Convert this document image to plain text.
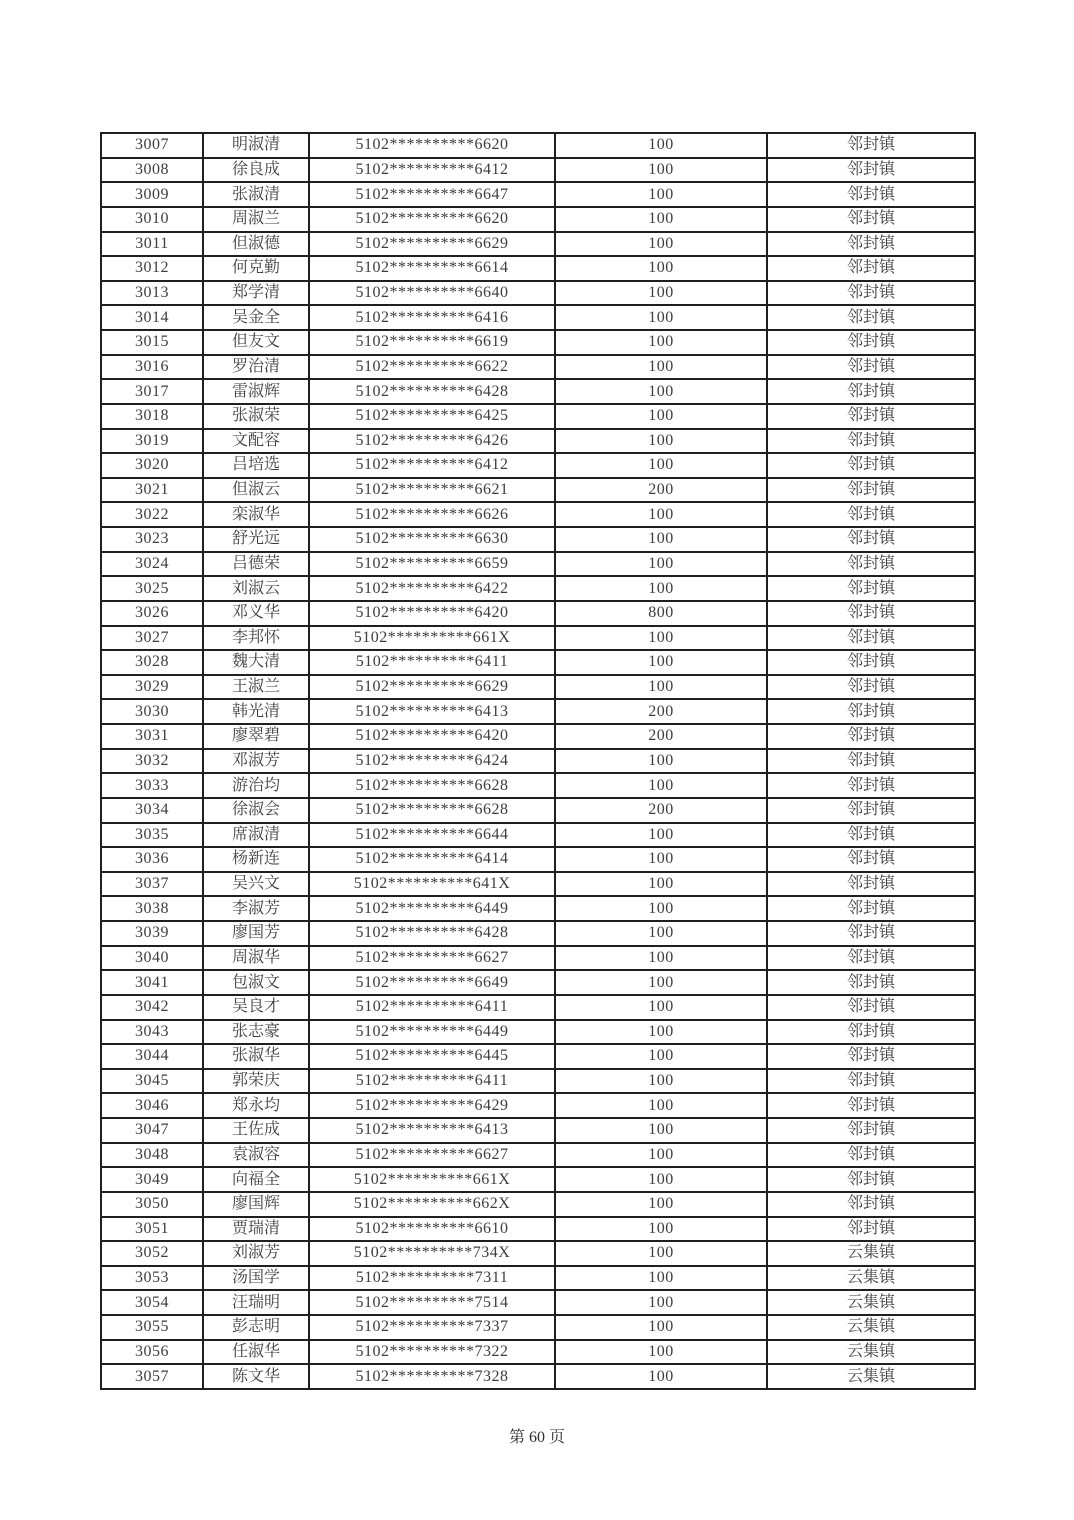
3007	明淑清	5102**********6620	100	邻封镇
3008	徐良成	5102**********6412	100	邻封镇
3009	张淑清	5102**********6647	100	邻封镇
3010	周淑兰	5102**********6620	100	邻封镇
3011	但淑德	5102**********6629	100	邻封镇
3012	何克勤	5102**********6614	100	邻封镇
3013	郑学清	5102**********6640	100	邻封镇
3014	吴金全	5102**********6416	100	邻封镇
3015	但友文	5102**********6619	100	邻封镇
3016	罗治清	5102**********6622	100	邻封镇
3017	雷淑辉	5102**********6428	100	邻封镇
3018	张淑荣	5102**********6425	100	邻封镇
3019	文配容	5102**********6426	100	邻封镇
3020	吕培选	5102**********6412	100	邻封镇
3021	但淑云	5102**********6621	200	邻封镇
3022	栾淑华	5102**********6626	100	邻封镇
3023	舒光远	5102**********6630	100	邻封镇
3024	吕德荣	5102**********6659	100	邻封镇
3025	刘淑云	5102**********6422	100	邻封镇
3026	邓义华	5102**********6420	800	邻封镇
3027	李邦怀	5102**********661X	100	邻封镇
3028	魏大清	5102**********6411	100	邻封镇
3029	王淑兰	5102**********6629	100	邻封镇
3030	韩光清	5102**********6413	200	邻封镇
3031	廖翠碧	5102**********6420	200	邻封镇
3032	邓淑芳	5102**********6424	100	邻封镇
3033	游治均	5102**********6628	100	邻封镇
3034	徐淑会	5102**********6628	200	邻封镇
3035	席淑清	5102**********6644	100	邻封镇
3036	杨新连	5102**********6414	100	邻封镇
3037	吴兴文	5102**********641X	100	邻封镇
3038	李淑芳	5102**********6449	100	邻封镇
3039	廖国芳	5102**********6428	100	邻封镇
3040	周淑华	5102**********6627	100	邻封镇
3041	包淑文	5102**********6649	100	邻封镇
3042	吴良才	5102**********6411	100	邻封镇
3043	张志豪	5102**********6449	100	邻封镇
3044	张淑华	5102**********6445	100	邻封镇
3045	郭荣庆	5102**********6411	100	邻封镇
3046	郑永均	5102**********6429	100	邻封镇
3047	王佐成	5102**********6413	100	邻封镇
3048	袁淑容	5102**********6627	100	邻封镇
3049	向福全	5102**********661X	100	邻封镇
3050	廖国辉	5102**********662X	100	邻封镇
3051	贾瑞清	5102**********6610	100	邻封镇
3052	刘淑芳	5102**********734X	100	云集镇
3053	汤国学	5102**********7311	100	云集镇
3054	汪瑞明	5102**********7514	100	云集镇
3055	彭志明	5102**********7337	100	云集镇
3056	任淑华	5102**********7322	100	云集镇
3057	陈文华	5102**********7328	100	云集镇
第 60 页
